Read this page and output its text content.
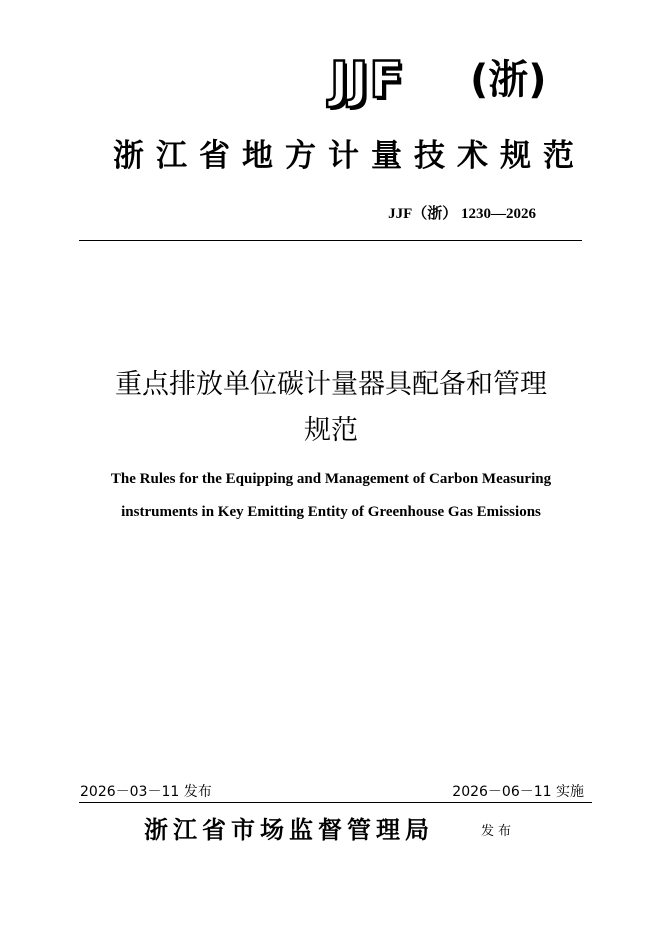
JJF (浙)
浙江省地方计量技术规范
JJF（浙） 1230—2026
重点排放单位碳计量器具配备和管理
规范
The Rules for the Equipping and Management of Carbon Measuring
instruments in Key Emitting Entity of Greenhouse Gas Emissions
2026－03－11 发布	2026－06－11 实施
浙江省市场监督管理局	发布
